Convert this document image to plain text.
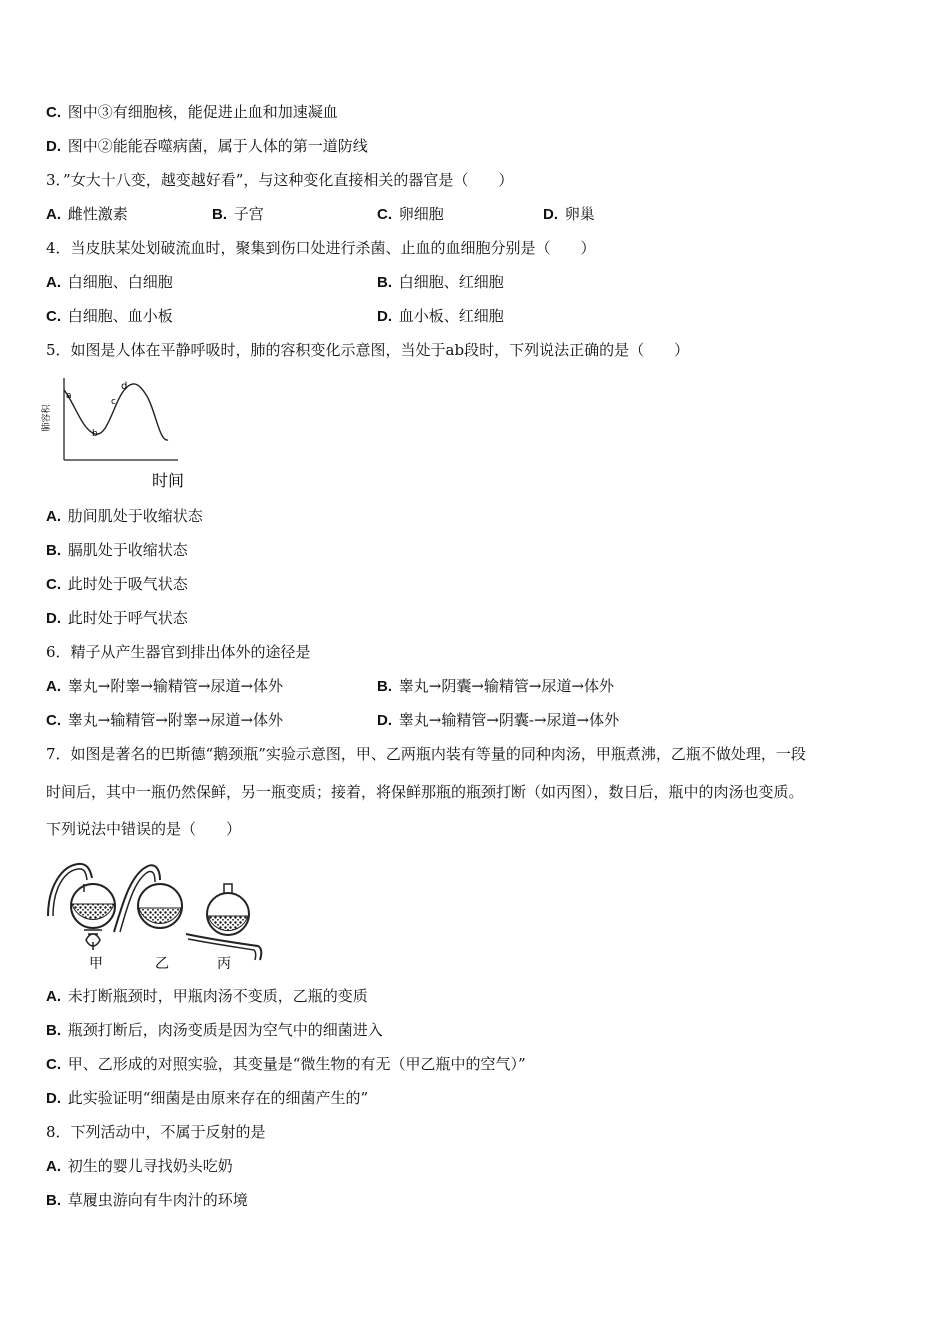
C. 图中③有细胞核，能促进止血和加速凝血
D. 图中②能能吞噬病菌，属于人体的第一道防线
3．”女大十八变，越变越好看”，与这种变化直接相关的器官是（　　）
A. 雌性激素	B. 子宫	C. 卵细胞	D. 卵巢
4．当皮肤某处划破流血时，聚集到伤口处进行杀菌、止血的血细胞分别是（　　）
A. 白细胞、白细胞	B. 白细胞、红细胞
C. 白细胞、血小板	D. 血小板、红细胞
5．如图是人体在平静呼吸时，肺的容积变化示意图，当处于ab段时，下列说法正确的是（　　）
肺容积
a
b
c
d
时间
A. 肋间肌处于收缩状态
B. 膈肌处于收缩状态
C. 此时处于吸气状态
D. 此时处于呼气状态
6．精子从产生器官到排出体外的途径是
A. 睾丸→附睾→输精管→尿道→体外	B. 睾丸→阴囊→输精管→尿道→体外
C. 睾丸→输精管→附睾→尿道→体外	D. 睾丸→输精管→阴囊-→尿道→体外
7．如图是著名的巴斯德“鹅颈瓶”实验示意图，甲、乙两瓶内装有等量的同种肉汤，甲瓶煮沸，乙瓶不做处理，一段
时间后，其中一瓶仍然保鲜，另一瓶变质；接着，将保鲜那瓶的瓶颈打断（如丙图），数日后，瓶中的肉汤也变质。
下列说法中错误的是（　　）
甲	乙	丙
A. 未打断瓶颈时，甲瓶肉汤不变质，乙瓶的变质
B. 瓶颈打断后，肉汤变质是因为空气中的细菌进入
C. 甲、乙形成的对照实验，其变量是“微生物的有无（甲乙瓶中的空气）”
D. 此实验证明“细菌是由原来存在的细菌产生的”
8．下列活动中，不属于反射的是
A. 初生的婴儿寻找奶头吃奶
B. 草履虫游向有牛肉汁的环境
